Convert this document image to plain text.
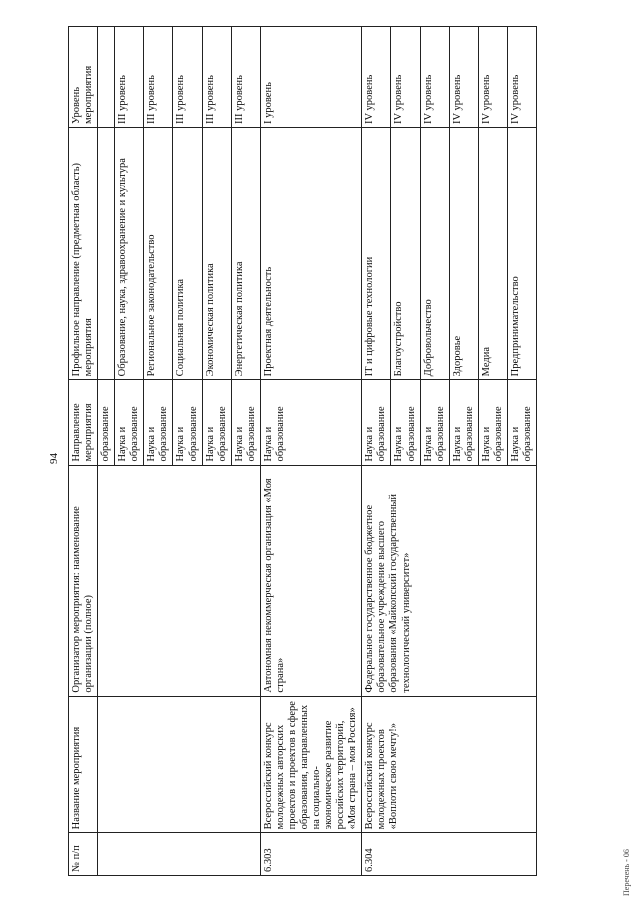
94
№ п/п	Название мероприятия	Организатор мероприятия: наименование организации (полное)	Направление мероприятия	Профильное направление (предметная область) мероприятия	Уровень мероприятия
			образование		
			Наука и образование	Образование, наука, здравоохранение и культура	III уровень
			Наука и образование	Региональное законодательство	III уровень
			Наука и образование	Социальная политика	III уровень
			Наука и образование	Экономическая политика	III уровень
			Наука и образование	Энергетическая политика	III уровень
6.303	Всероссийский конкурс молодежных авторских проектов и проектов в сфере образования, направленных на социально-экономическое развитие российских территорий, «Моя страна – моя Россия»	Автономная некоммерческая организация «Моя страна»	Наука и образование	Проектная деятельность	I уровень
6.304	Всероссийский конкурс молодежных проектов «Воплоти свою мечту!»	Федеральное государственное бюджетное образовательное учреждение высшего образования «Майкопский государственный технологический университет»	Наука и образование	IT и цифровые технологии	IV уровень
			Наука и образование	Благоустройство	IV уровень
			Наука и образование	Добровольчество	IV уровень
			Наука и образование	Здоровье	IV уровень
			Наука и образование	Медиа	IV уровень
			Наука и образование	Предпринимательство	IV уровень
Перечень - 06
